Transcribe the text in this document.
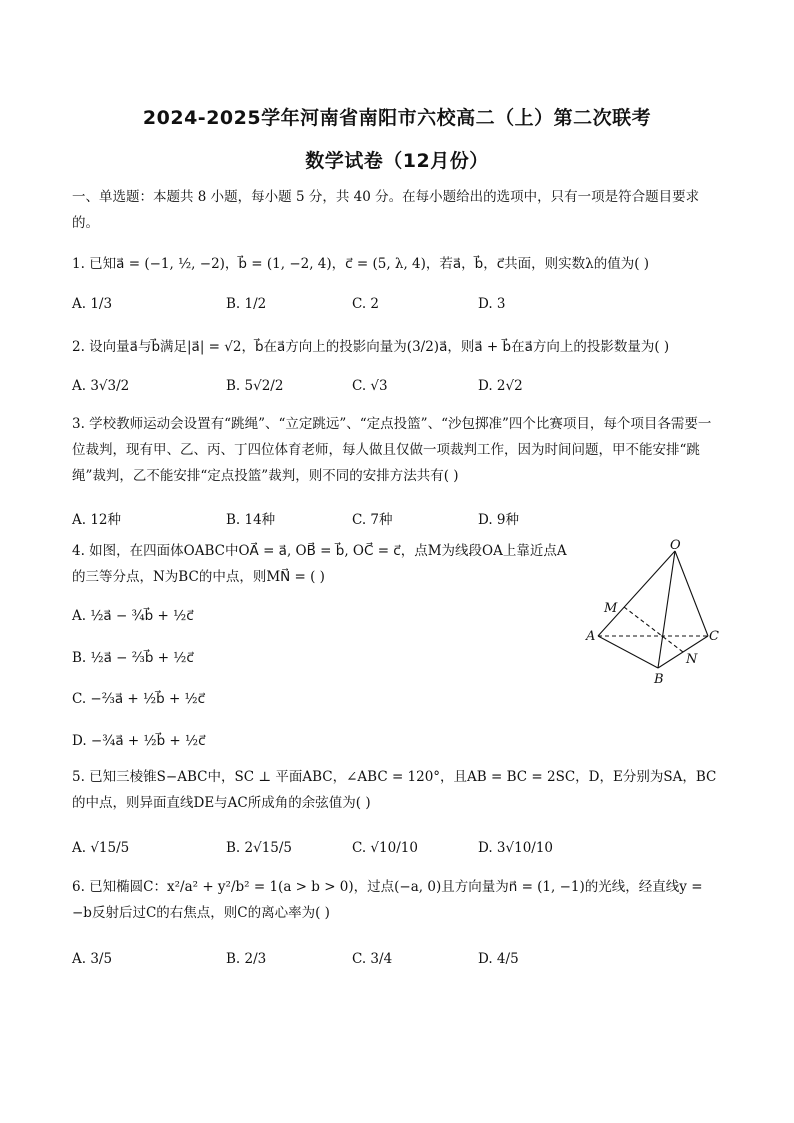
2024-2025学年河南省南阳市六校高二（上）第二次联考
数学试卷（12月份）
一、单选题：本题共 8 小题，每小题 5 分，共 40 分。在每小题给出的选项中，只有一项是符合题目要求的。
1. 已知a⃗ = (−1, ½, −2)，b⃗ = (1, −2, 4)，c⃗ = (5, λ, 4)，若a⃗，b⃗，c⃗共面，则实数λ的值为( )
A. 1/3	B. 1/2	C. 2	D. 3
2. 设向量a⃗与b⃗满足|a⃗| = √2，b⃗在a⃗方向上的投影向量为(3/2)a⃗，则a⃗ + b⃗在a⃗方向上的投影数量为( )
A. 3√3/2	B. 5√2/2	C. √3	D. 2√2
3. 学校教师运动会设置有“跳绳”、“立定跳远”、“定点投篮”、“沙包掷准”四个比赛项目，每个项目各需要一位裁判，现有甲、乙、丙、丁四位体育老师，每人做且仅做一项裁判工作，因为时间问题，甲不能安排“跳绳”裁判，乙不能安排“定点投篮”裁判，则不同的安排方法共有( )
A. 12种	B. 14种	C. 7种	D. 9种
4. 如图，在四面体OABC中OA⃗ = a⃗, OB⃗ = b⃗, OC⃗ = c⃗，点M为线段OA上靠近点A的三等分点，N为BC的中点，则MN⃗ = ( )
A. ½a⃗ − ¾b⃗ + ½c⃗
B. ½a⃗ − ⅔b⃗ + ½c⃗
C. −⅔a⃗ + ½b⃗ + ½c⃗
D. −¾a⃗ + ½b⃗ + ½c⃗
O
M
A	C
N
B
5. 已知三棱锥S−ABC中，SC ⊥ 平面ABC，∠ABC = 120°，且AB = BC = 2SC，D，E分别为SA，BC的中点，则异面直线DE与AC所成角的余弦值为( )
A. √15/5	B. 2√15/5	C. √10/10	D. 3√10/10
6. 已知椭圆C：x²/a² + y²/b² = 1(a > b > 0)，过点(−a, 0)且方向量为n⃗ = (1, −1)的光线，经直线y = −b反射后过C的右焦点，则C的离心率为( )
A. 3/5	B. 2/3	C. 3/4	D. 4/5
